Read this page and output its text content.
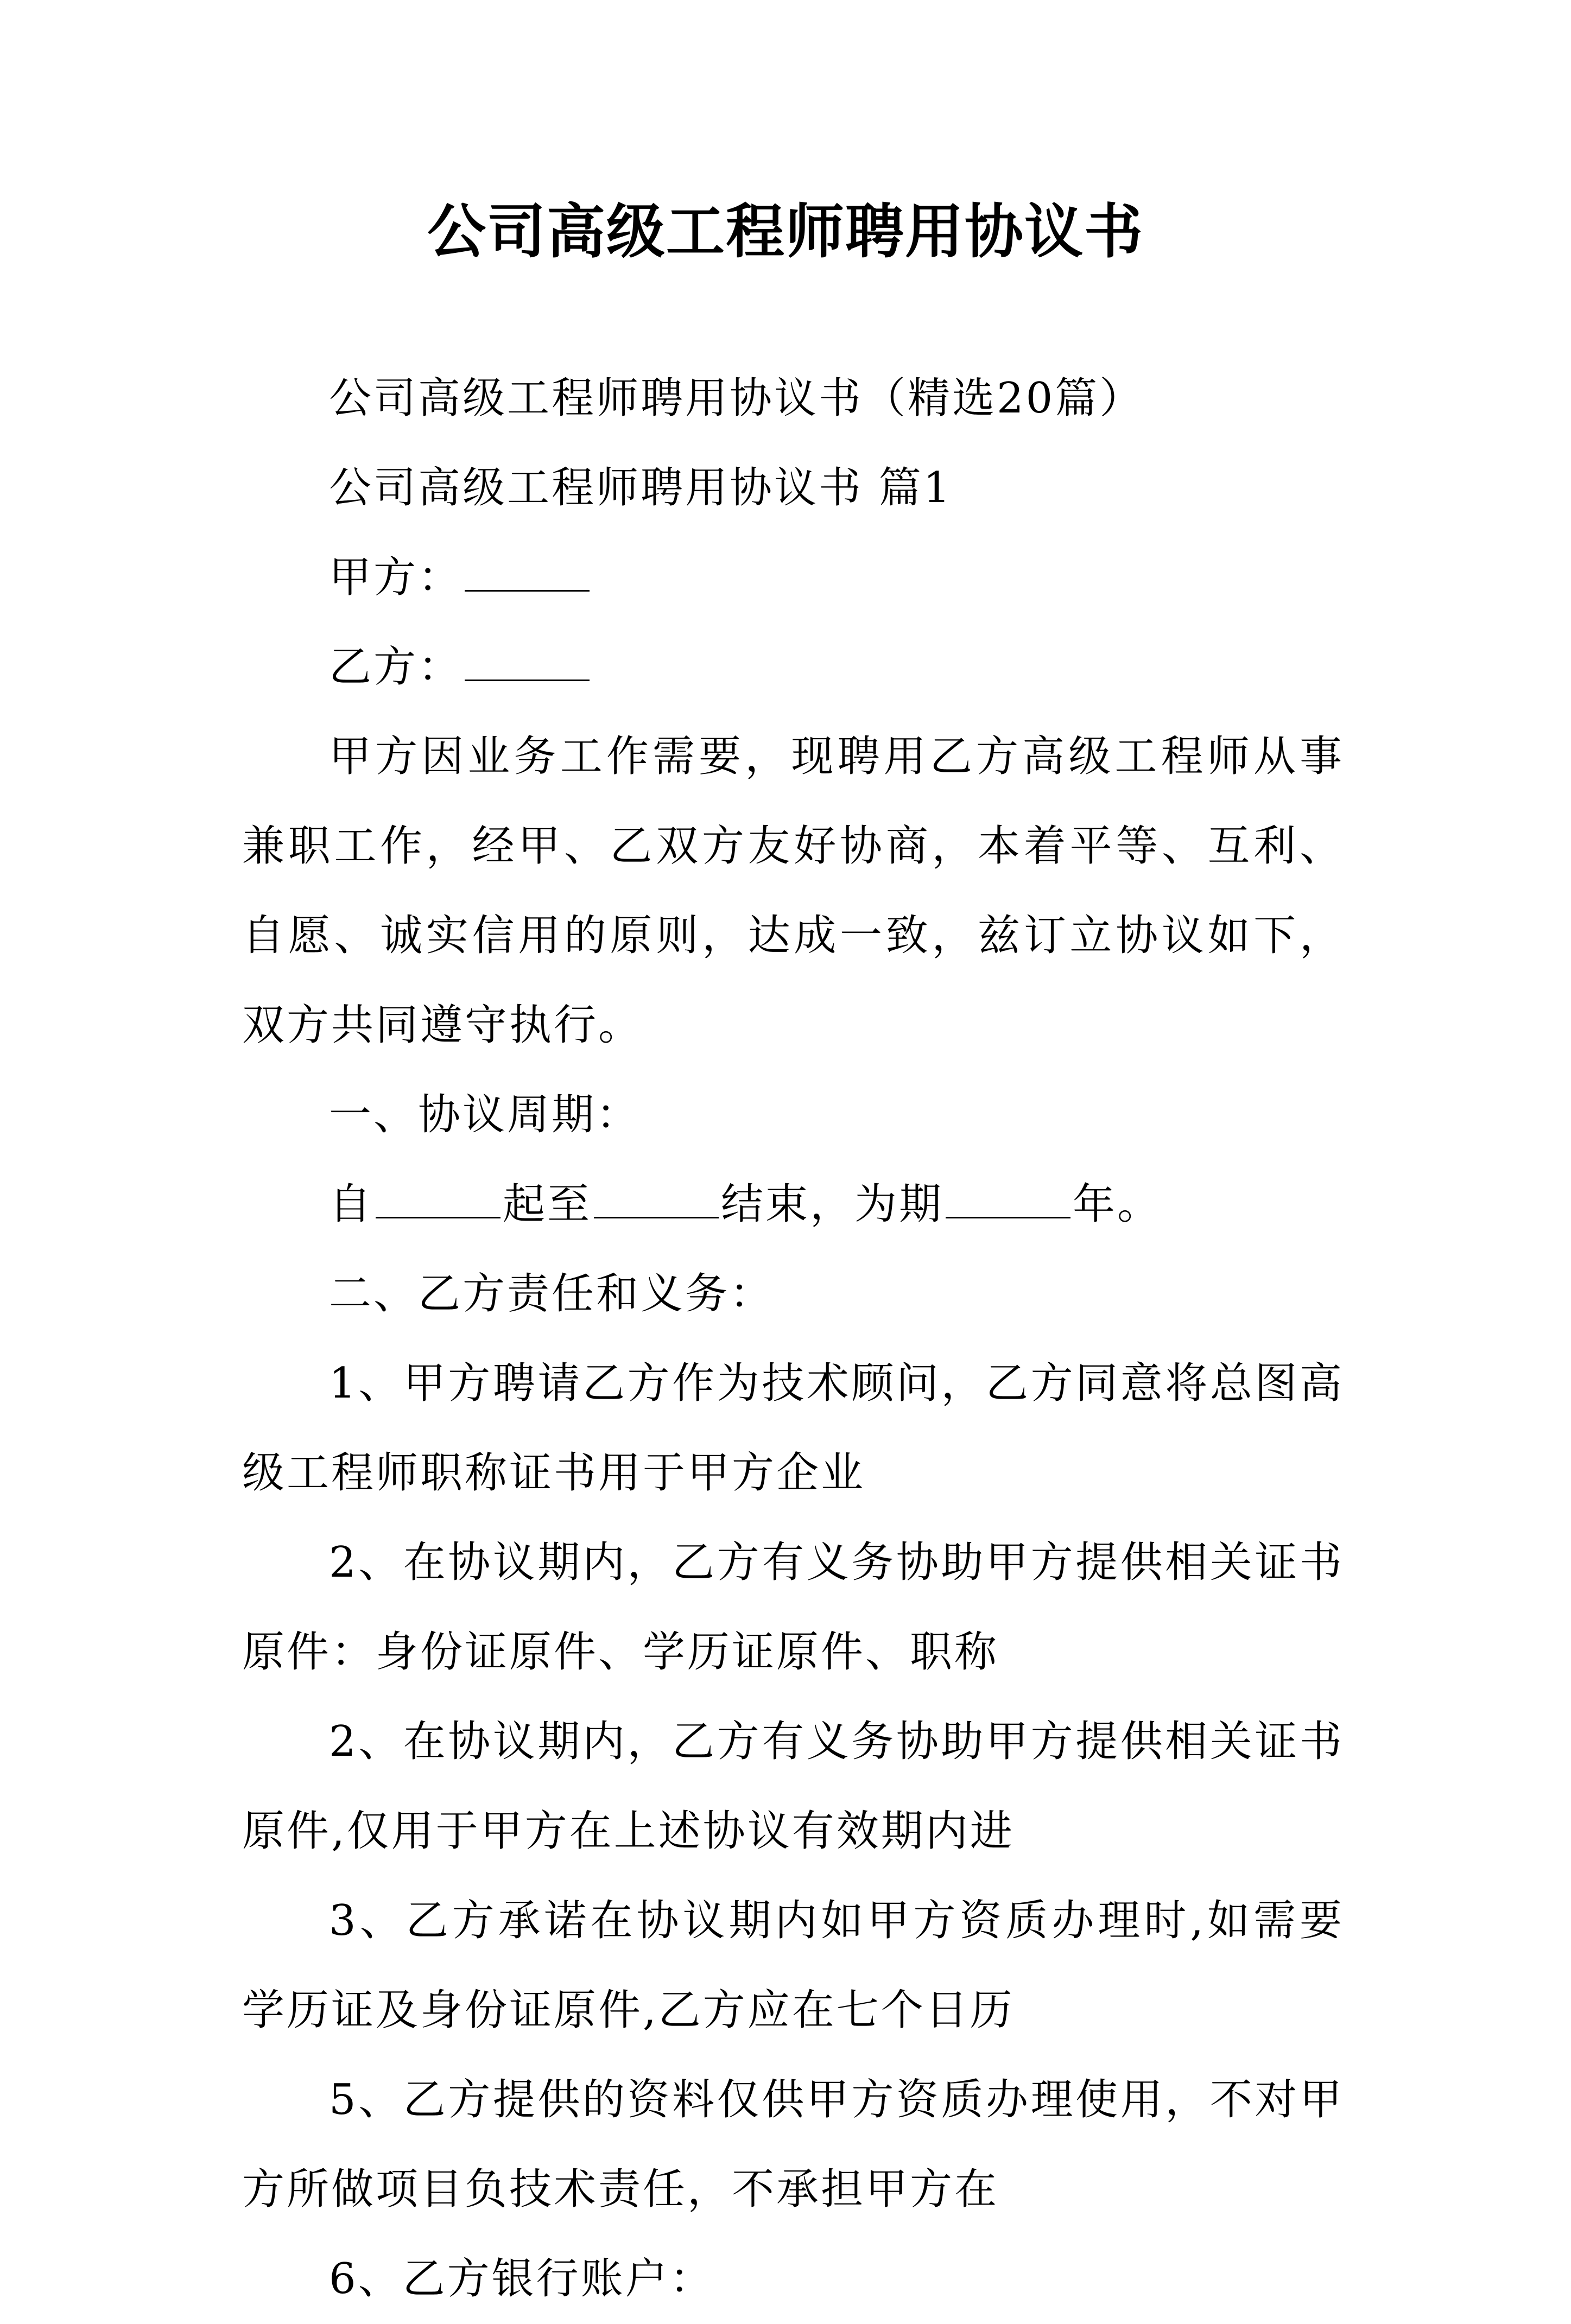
公司高级工程师聘用协议书

公司高级工程师聘用协议书（精选20篇）

公司高级工程师聘用协议书 篇1

甲方：

乙方：

甲方因业务工作需要，现聘用乙方高级工程师从事兼职工作，经甲、乙双方友好协商，本着平等、互利、自愿、诚实信用的原则，达成一致，兹订立协议如下，双方共同遵守执行。

一、协议周期：

自	起至	结束，为期	年。

二、乙方责任和义务：

1、甲方聘请乙方作为技术顾问，乙方同意将总图高级工程师职称证书用于甲方企业

2、在协议期内，乙方有义务协助甲方提供相关证书原件：身份证原件、学历证原件、职称

2、在协议期内，乙方有义务协助甲方提供相关证书原件,仅用于甲方在上述协议有效期内进

3、乙方承诺在协议期内如甲方资质办理时,如需要学历证及身份证原件,乙方应在七个日历

5、乙方提供的资料仅供甲方资质办理使用，不对甲方所做项目负技术责任，不承担甲方在

6、乙方银行账户：
